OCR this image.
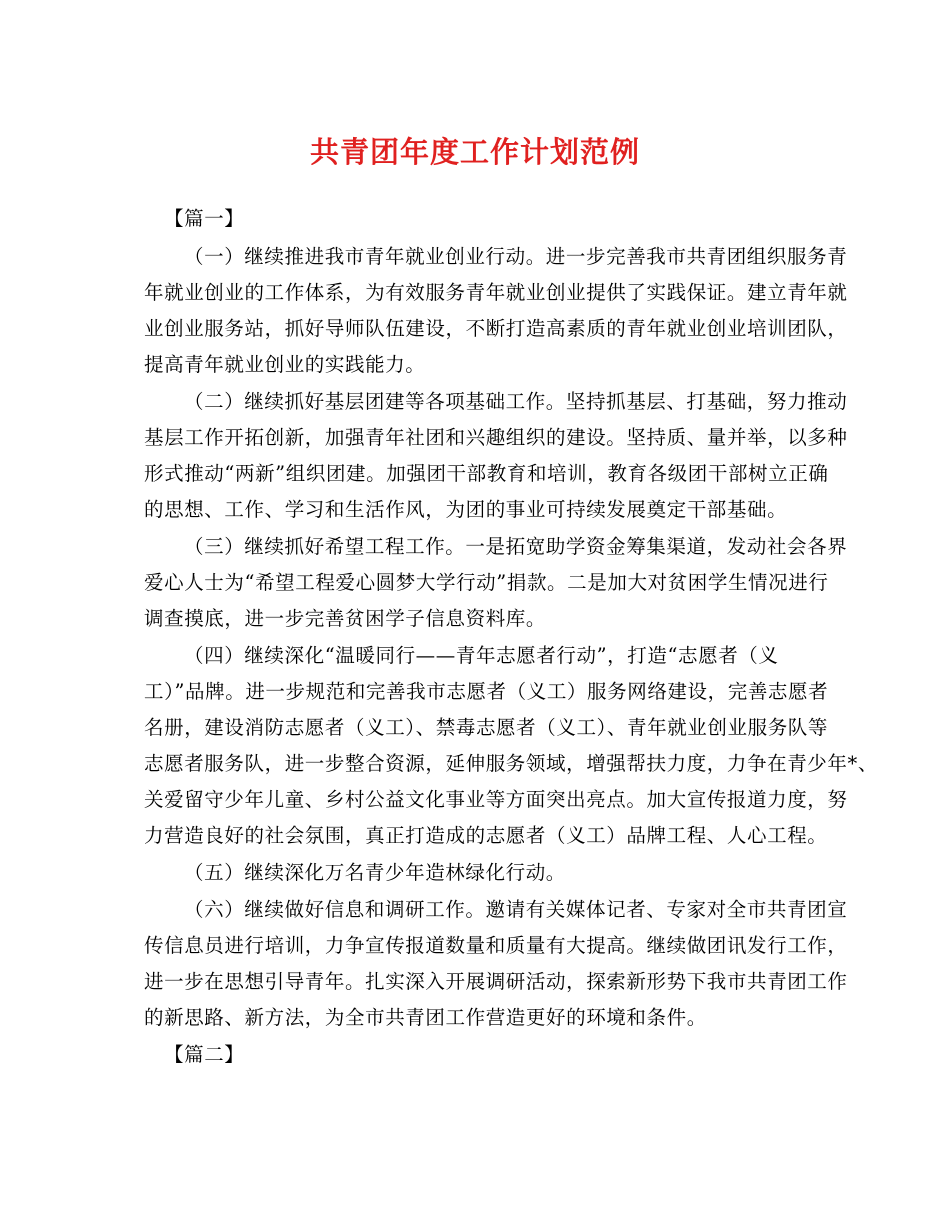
共青团年度工作计划范例
【篇一】
（一）继续推进我市青年就业创业行动。进一步完善我市共青团组织服务青
年就业创业的工作体系，为有效服务青年就业创业提供了实践保证。建立青年就
业创业服务站，抓好导师队伍建设，不断打造高素质的青年就业创业培训团队，
提高青年就业创业的实践能力。
（二）继续抓好基层团建等各项基础工作。坚持抓基层、打基础，努力推动
基层工作开拓创新，加强青年社团和兴趣组织的建设。坚持质、量并举，以多种
形式推动“两新”组织团建。加强团干部教育和培训，教育各级团干部树立正确
的思想、工作、学习和生活作风，为团的事业可持续发展奠定干部基础。
（三）继续抓好希望工程工作。一是拓宽助学资金筹集渠道，发动社会各界
爱心人士为“希望工程爱心圆梦大学行动”捐款。二是加大对贫困学生情况进行
调查摸底，进一步完善贫困学子信息资料库。
（四）继续深化“温暖同行——青年志愿者行动”，打造“志愿者（义
工）”品牌。进一步规范和完善我市志愿者（义工）服务网络建设，完善志愿者
名册，建设消防志愿者（义工）、禁毒志愿者（义工）、青年就业创业服务队等
志愿者服务队，进一步整合资源，延伸服务领域，增强帮扶力度，力争在青少年*、
关爱留守少年儿童、乡村公益文化事业等方面突出亮点。加大宣传报道力度，努
力营造良好的社会氛围，真正打造成的志愿者（义工）品牌工程、人心工程。
（五）继续深化万名青少年造林绿化行动。
（六）继续做好信息和调研工作。邀请有关媒体记者、专家对全市共青团宣
传信息员进行培训，力争宣传报道数量和质量有大提高。继续做团讯发行工作，
进一步在思想引导青年。扎实深入开展调研活动，探索新形势下我市共青团工作
的新思路、新方法，为全市共青团工作营造更好的环境和条件。
【篇二】
